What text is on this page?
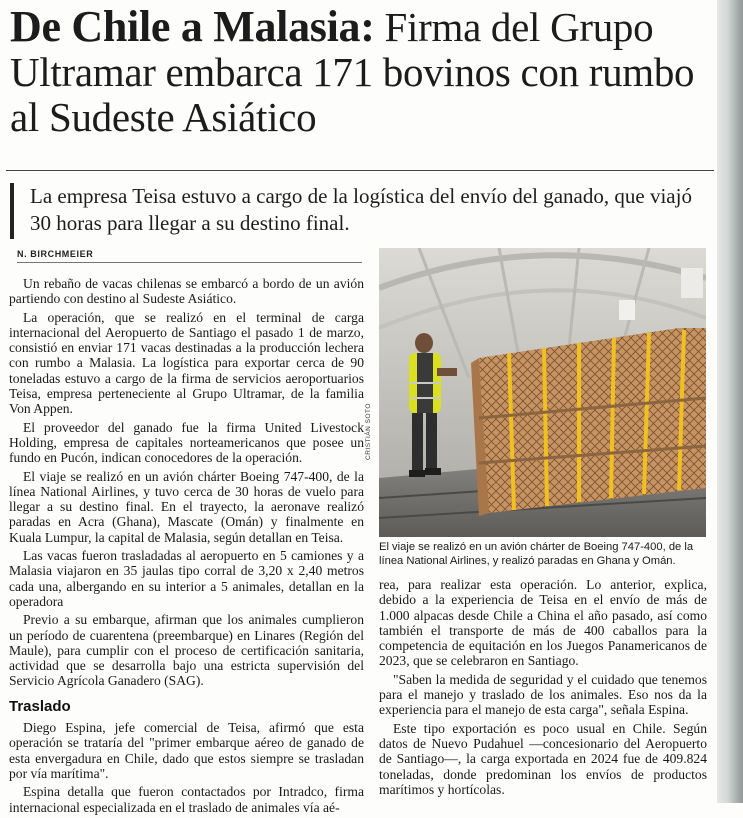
De Chile a Malasia: Firma del Grupo Ultramar embarca 171 bovinos con rumbo al Sudeste Asiático
La empresa Teisa estuvo a cargo de la logística del envío del ganado, que viajó 30 horas para llegar a su destino final.
N. BIRCHMEIER

Un rebaño de vacas chilenas se embarcó a bordo de un avión partiendo con destino al Sudeste Asiático.

La operación, que se realizó en el terminal de carga internacional del Aeropuerto de Santiago el pasado 1 de marzo, consistió en enviar 171 vacas destinadas a la producción lechera con rumbo a Malasia. La logística para exportar cerca de 90 toneladas estuvo a cargo de la firma de servicios aeroportuarios Teisa, empresa perteneciente al Grupo Ultramar, de la familia Von Appen.

El proveedor del ganado fue la firma United Livestock Holding, empresa de capitales norteamericanos que posee un fundo en Pucón, indican conocedores de la operación.

El viaje se realizó en un avión chárter Boeing 747-400, de la línea National Airlines, y tuvo cerca de 30 horas de vuelo para llegar a su destino final. En el trayecto, la aeronave realizó paradas en Acra (Ghana), Mascate (Omán) y finalmente en Kuala Lumpur, la capital de Malasia, según detallan en Teisa.

Las vacas fueron trasladadas al aeropuerto en 5 camiones y a Malasia viajaron en 35 jaulas tipo corral de 3,20 x 2,40 metros cada una, albergando en su interior a 5 animales, detallan en la operadora

Previo a su embarque, afirman que los animales cumplieron un período de cuarentena (preembarque) en Linares (Región del Maule), para cumplir con el proceso de certificación sanitaria, actividad que se desarrolla bajo una estricta supervisión del Servicio Agrícola Ganadero (SAG).

Traslado

Diego Espina, jefe comercial de Teisa, afirmó que esta operación se trataría del "primer embarque aéreo de ganado de esta envergadura en Chile, dado que estos siempre se trasladan por vía marítima".

Espina detalla que fueron contactados por Intradco, firma internacional especializada en el traslado de animales vía aé-

CRISTIÁN SOTO
El viaje se realizó en un avión chárter de Boeing 747-400, de la línea National Airlines, y realizó paradas en Ghana y Omán.

rea, para realizar esta operación. Lo anterior, explica, debido a la experiencia de Teisa en el envío de más de 1.000 alpacas desde Chile a China el año pasado, así como también el transporte de más de 400 caballos para la competencia de equitación en los Juegos Panamericanos de 2023, que se celebraron en Santiago.

"Saben la medida de seguridad y el cuidado que tenemos para el manejo y traslado de los animales. Eso nos da la experiencia para el manejo de esta carga", señala Espina.

Este tipo exportación es poco usual en Chile. Según datos de Nuevo Pudahuel —concesionario del Aeropuerto de Santiago—, la carga exportada en 2024 fue de 409.824 toneladas, donde predominan los envíos de productos marítimos y hortícolas.
